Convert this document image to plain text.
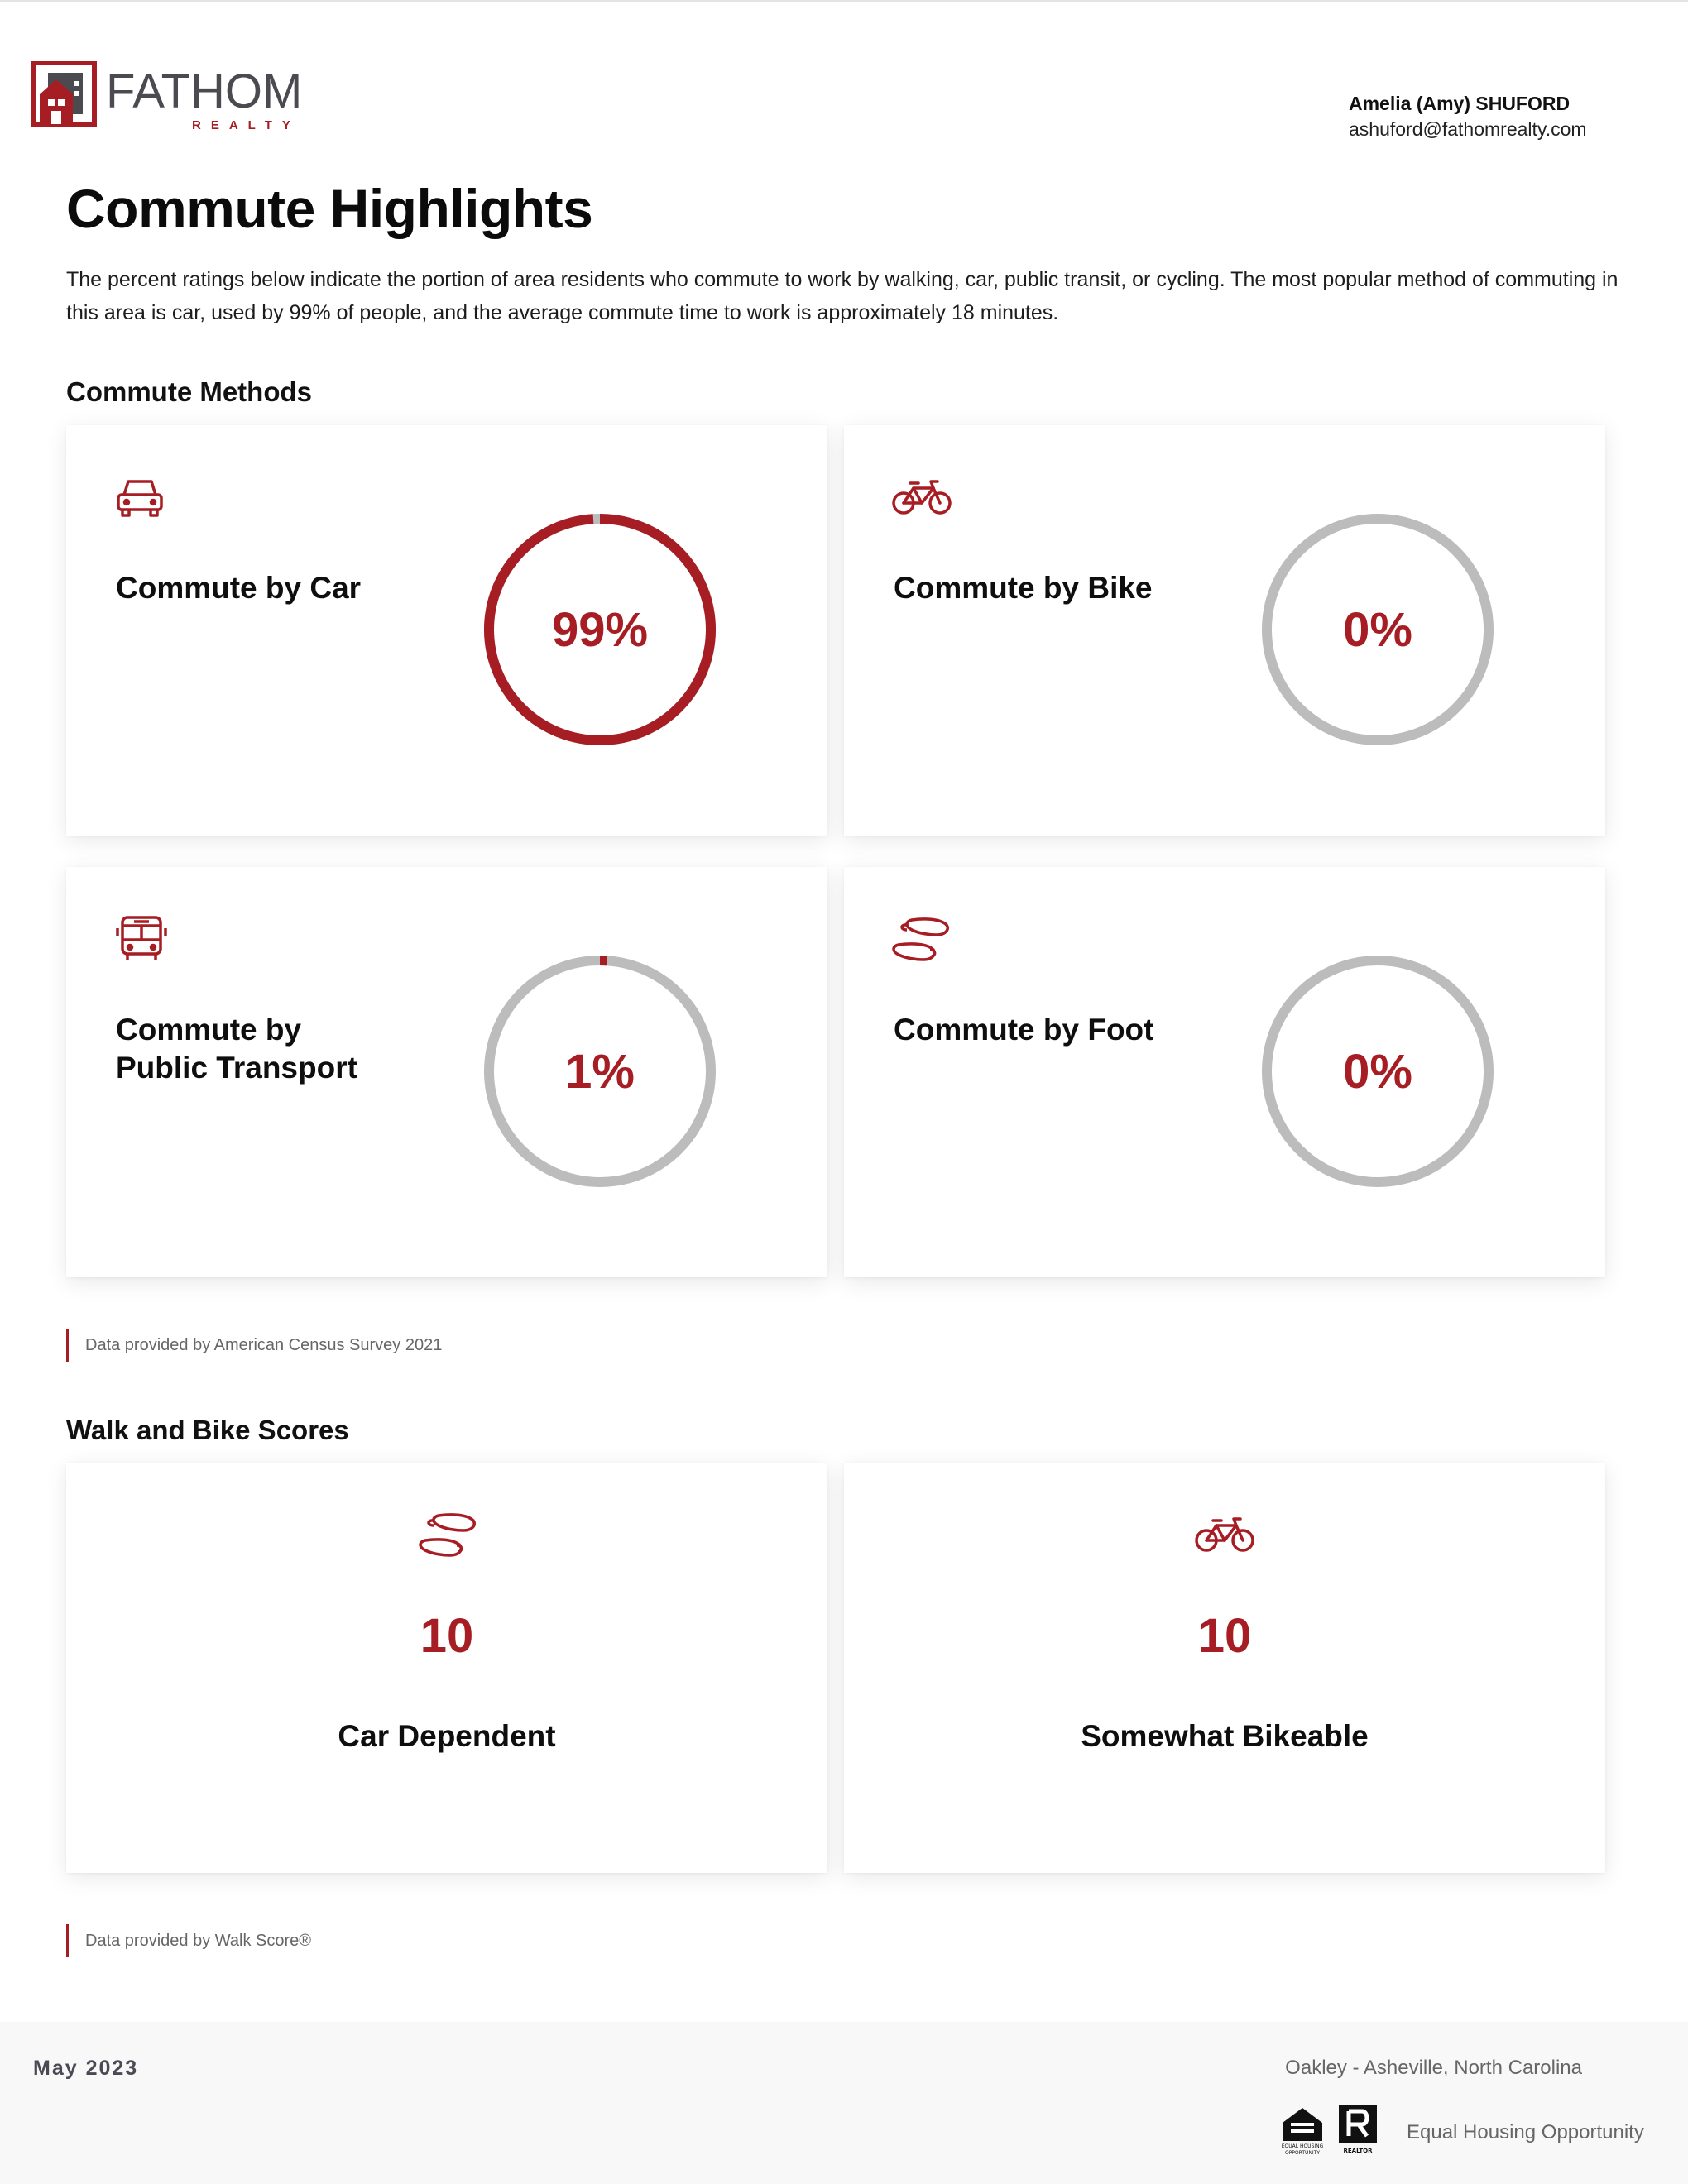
FATHOM
REALTY
Amelia (Amy) SHUFORD
ashuford@fathomrealty.com
Commute Highlights

The percent ratings below indicate the portion of area residents who commute to work by walking, car, public transit, or cycling. The most popular method of commuting in this area is car, used by 99% of people, and the average commute time to work is approximately 18 minutes.

Commute Methods
Commute by Car
99%
Commute by Bike
0%
Commute by
Public Transport	1%
Commute by Foot
0%
Data provided by American Census Survey 2021
Walk and Bike Scores
10
Car Dependent
10
Somewhat Bikeable
Data provided by Walk Score®
May 2023	Oakley - Asheville, North Carolina
EQUAL HOUSING
OPPORTUNITY	REALTOR
Equal Housing Opportunity
